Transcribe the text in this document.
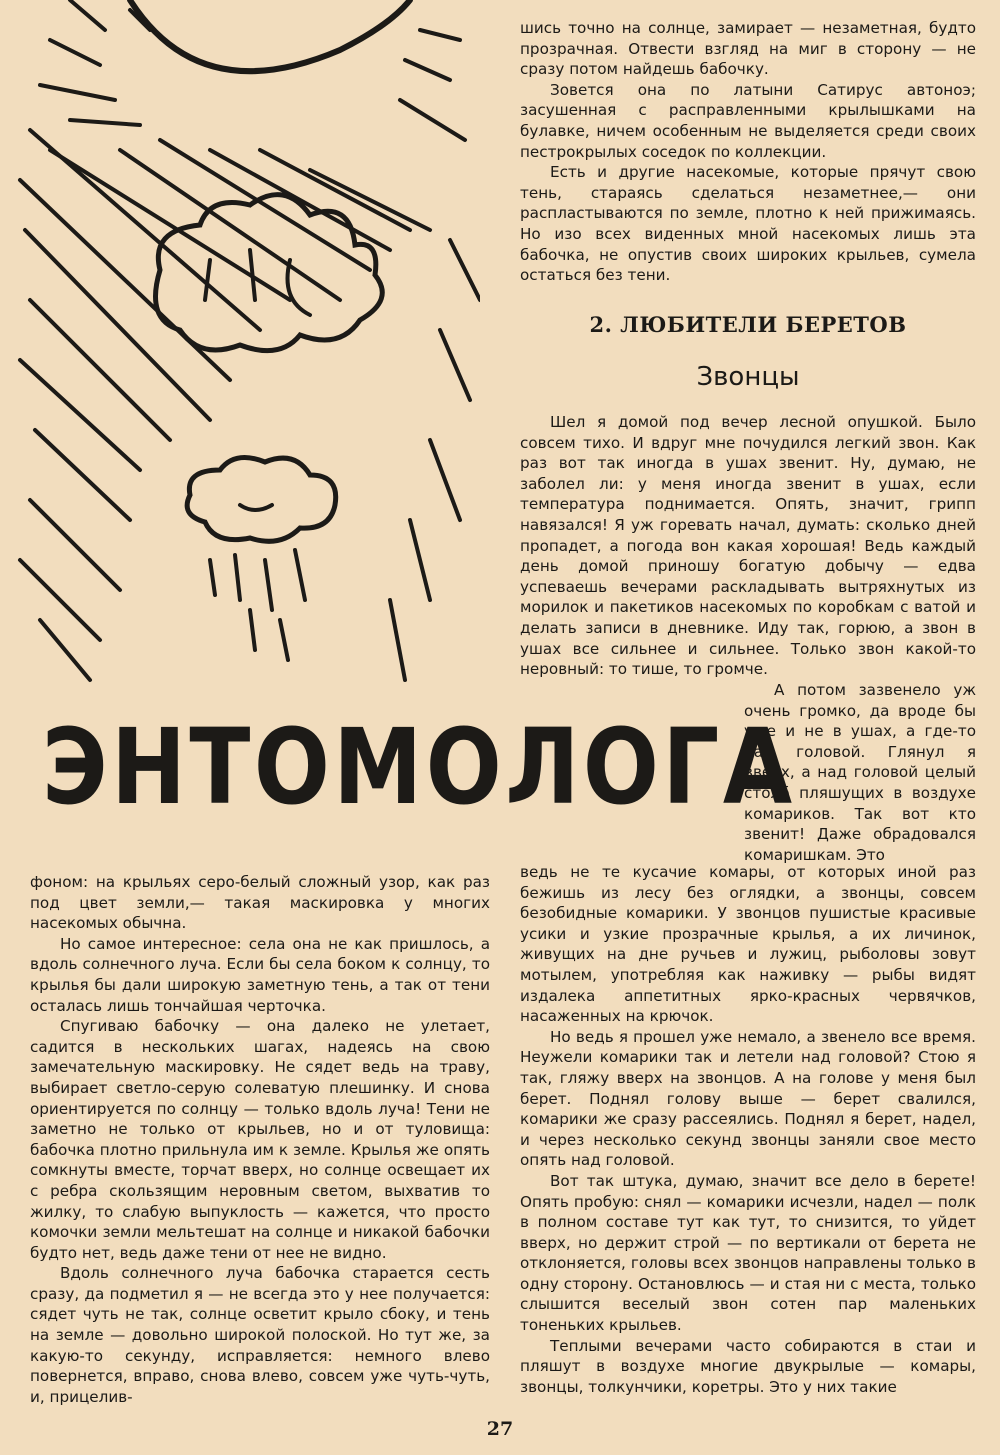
шись точно на солнце, замирает — незаметная, будто прозрачная. Отвести взгляд на миг в сторону — не сразу потом найдешь бабочку.

Зовется она по латыни Сатирус автоноэ; засушенная с расправленными крылышками на булавке, ничем особенным не выделяется среди своих пестрокрылых соседок по коллекции.

Есть и другие насекомые, которые прячут свою тень, стараясь сделаться незаметнее,— они распластываются по земле, плотно к ней прижимаясь. Но изо всех виденных мной насекомых лишь эта бабочка, не опустив своих широких крыльев, сумела остаться без тени.

2. ЛЮБИТЕЛИ БЕРЕТОВ
Звонцы

Шел я домой под вечер лесной опушкой. Было совсем тихо. И вдруг мне почудился легкий звон. Как раз вот так иногда в ушах звенит. Ну, думаю, не заболел ли: у меня иногда звенит в ушах, если температура поднимается. Опять, значит, грипп навязался! Я уж горевать начал, думать: сколько дней пропадет, а погода вон какая хорошая! Ведь каждый день домой приношу богатую добычу — едва успеваешь вечерами раскладывать вытряхнутых из морилок и пакетиков насекомых по коробкам с ватой и делать записи в дневнике. Иду так, горюю, а звон в ушах все сильнее и сильнее. Только звон какой-то неровный: то тише, то громче.

А потом зазвенело уж очень громко, да вроде бы уже и не в ушах, а где-то над головой. Глянул я вверх, а над головой целый столб пляшущих в воздухе комариков. Так вот кто звенит! Даже обрадовался комаришкам. Это

ЭНТОМОЛОГА

ведь не те кусачие комары, от которых иной раз бежишь из лесу без оглядки, а звонцы, совсем безобидные комарики. У звонцов пушистые красивые усики и узкие прозрачные крылья, а их личинок, живущих на дне ручьев и лужиц, рыболовы зовут мотылем, употребляя как наживку — рыбы видят издалека аппетитных ярко-красных червячков, насаженных на крючок.

Но ведь я прошел уже немало, а звенело все время. Неужели комарики так и летели над головой? Стою я так, гляжу вверх на звонцов. А на голове у меня был берет. Поднял голову выше — берет свалился, комарики же сразу рассеялись. Поднял я берет, надел, и через несколько секунд звонцы заняли свое место опять над головой.

Вот так штука, думаю, значит все дело в берете! Опять пробую: снял — комарики исчезли, надел — полк в полном составе тут как тут, то снизится, то уйдет вверх, но держит строй — по вертикали от берета не отклоняется, головы всех звонцов направлены только в одну сторону. Остановлюсь — и стая ни с места, только слышится веселый звон сотен пар маленьких тоненьких крыльев.

Теплыми вечерами часто собираются в стаи и пляшут в воздухе многие двукрылые — комары, звонцы, толкунчики, коретры. Это у них такие

фоном: на крыльях серо-белый сложный узор, как раз под цвет земли,— такая маскировка у многих насекомых обычна.

Но самое интересное: села она не как пришлось, а вдоль солнечного луча. Если бы села боком к солнцу, то крылья бы дали широкую заметную тень, а так от тени осталась лишь тончайшая черточка.

Спугиваю бабочку — она далеко не улетает, садится в нескольких шагах, надеясь на свою замечательную маскировку. Не сядет ведь на траву, выбирает светло-серую солеватую плешинку. И снова ориентируется по солнцу — только вдоль луча! Тени не заметно не только от крыльев, но и от туловища: бабочка плотно прильнула им к земле. Крылья же опять сомкнуты вместе, торчат вверх, но солнце освещает их с ребра скользящим неровным светом, выхватив то жилку, то слабую выпуклость — кажется, что просто комочки земли мельтешат на солнце и никакой бабочки будто нет, ведь даже тени от нее не видно.

Вдоль солнечного луча бабочка старается сесть сразу, да подметил я — не всегда это у нее получается: сядет чуть не так, солнце осветит крыло сбоку, и тень на земле — довольно широкой полоской. Но тут же, за какую-то секунду, исправляется: немного влево повернется, вправо, снова влево, совсем уже чуть-чуть, и, прицелив-

27
